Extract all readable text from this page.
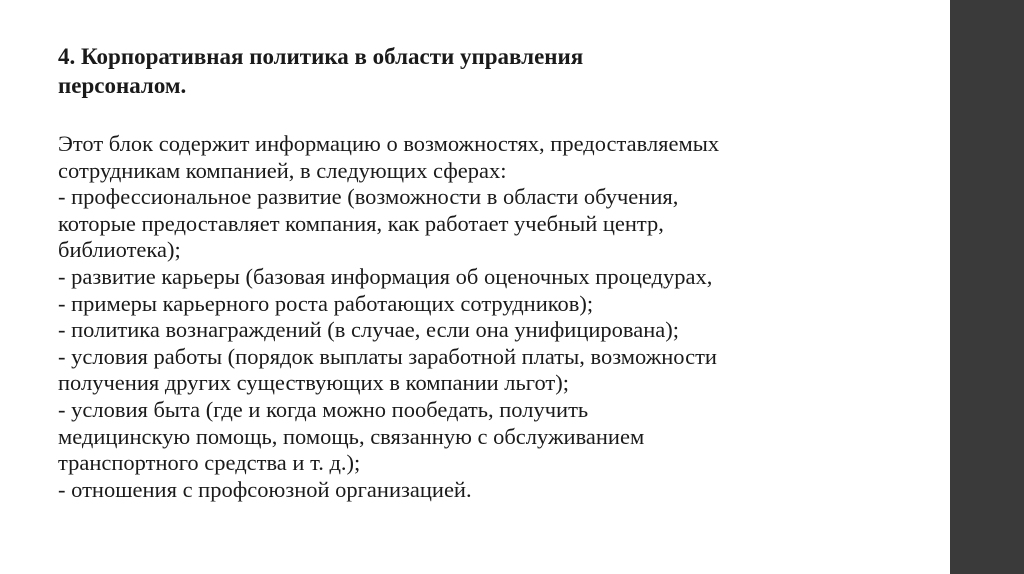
4. Корпоративная политика в области управления
персоналом.
Этот блок содержит информацию о возможностях, предоставляемых
сотрудникам компанией, в следующих сферах:
- профессиональное развитие (возможности в области обучения,
которые предоставляет компания, как работает учебный центр,
библиотека);
- развитие карьеры (базовая информация об оценочных процедурах,
- примеры карьерного роста работающих сотрудников);
- политика вознаграждений (в случае, если она унифицирована);
- условия работы (порядок выплаты заработной платы, возможности
получения других существующих в компании льгот);
- условия быта (где и когда можно пообедать, получить
медицинскую помощь, помощь, связанную с обслуживанием
транспортного средства и т. д.);
- отношения с профсоюзной организацией.
